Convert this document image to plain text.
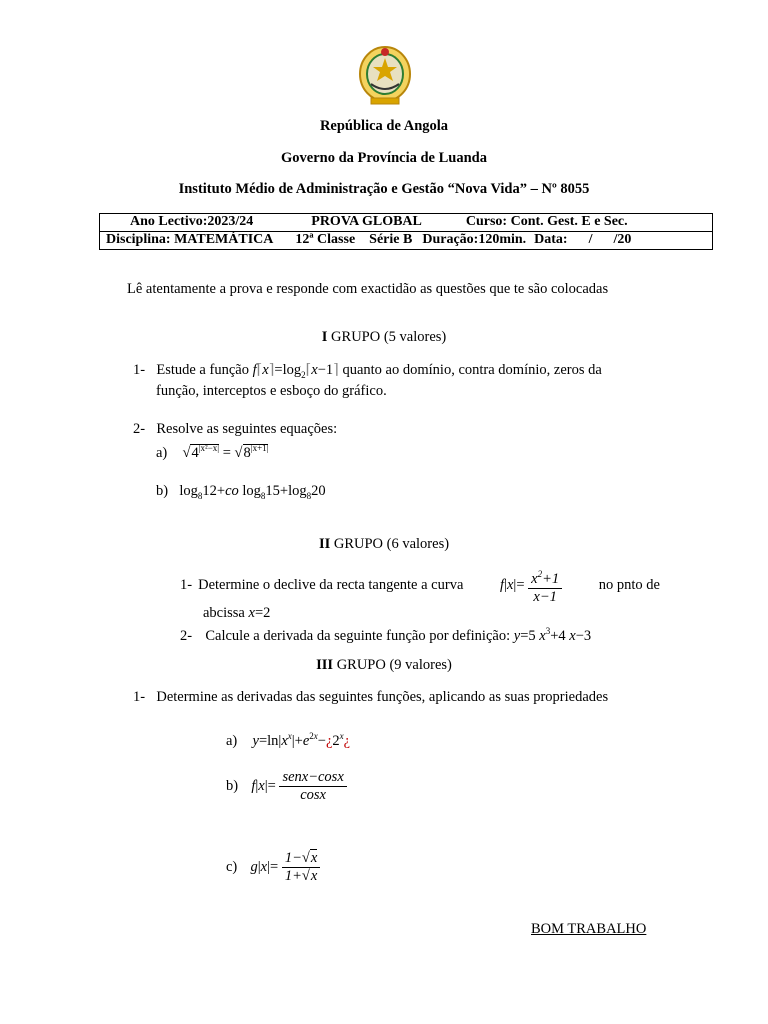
República de Angola
Governo da Província de Luanda
Instituto Médio de Administração e Gestão “Nova Vida” – Nº 8055
Ano Lectivo:2023/24	PROVA GLOBAL	Curso: Cont. Gest. E e Sec.
Disciplina: MATEMÁTICA 12ª Classe Série B Duração:120min. Data:      /      /20
Lê atentamente a prova e responde com exactidão as questões que te são colocadas
I GRUPO (5 valores)
1- Estude a função $f⌈x⌉=\log_2⌈x-1⌉$ quanto ao domínio, contra domínio, zeros da
função, interceptos e esboço do gráfico.
2- Resolve as seguintes equações:
a) $√4^{|x^2-x|} = √8^{|x+1|}$
b) $\log_812+co$ $\log_815+\log_820$
II GRUPO (6 valores)
1- Determine o declive da recta tangente a curva	$f|x|= \frac{x^2+1}{x-1}$	no pnto de
abcissa x=2
2- Calcule a derivada da seguinte função por definição: y=5 $x^3+4$ x−3
III GRUPO (9 valores)
1- Determine as derivadas das seguintes funções, aplicando as suas propriedades
a) $y=\ln|x^x|+e^{2x}-¿2^x¿$
b) $f|x|= \frac{\text{senx−cosx}}{\cos x}$
c) $g|x|= \frac{1-√x}{1+√x}$
BOM TRABALHO
